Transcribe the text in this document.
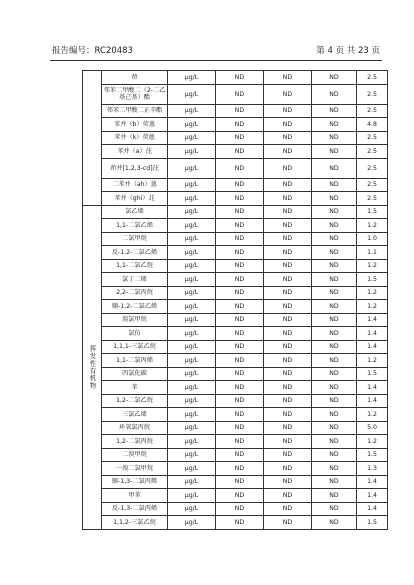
报告编号：RC20483	第 4 页 共 23 页
	茚	μg/L	ND	ND	ND	2.5
	邻苯二甲酸二（2-二乙基己基）酯	μg/L	ND	ND	ND	2.5
	邻苯二甲酸二正辛酯	μg/L	ND	ND	ND	2.5
	苯并（b）荧蒽	μg/L	ND	ND	ND	4.8
	苯并（k）荧蒽	μg/L	ND	ND	ND	2.5
	苯并（a）芘	μg/L	ND	ND	ND	2.5
	茚并[1,2,3-cd]芘	μg/L	ND	ND	ND	2.5
	二苯并（ah）蒽	μg/L	ND	ND	ND	2.5
	苯并（ghi）苝	μg/L	ND	ND	ND	2.5
挥发性有机物	氯乙烯	μg/L	ND	ND	ND	1.5
	1,1-二氯乙烯	μg/L	ND	ND	ND	1.2
	二氯甲烷	μg/L	ND	ND	ND	1.0
	反-1,2-二氯乙烯	μg/L	ND	ND	ND	1.1
	1,1-二氯乙烷	μg/L	ND	ND	ND	1.2
	氯丁二烯	μg/L	ND	ND	ND	1.5
	2,2-二氯丙烷	μg/L	ND	ND	ND	1.2
	顺-1,2-二氯乙烯	μg/L	ND	ND	ND	1.2
	溴氯甲烷	μg/L	ND	ND	ND	1.4
	氯仿	μg/L	ND	ND	ND	1.4
	1,1,1-三氯乙烷	μg/L	ND	ND	ND	1.4
	1,1-二氯丙烯	μg/L	ND	ND	ND	1.2
	四氯化碳	μg/L	ND	ND	ND	1.5
	苯	μg/L	ND	ND	ND	1.4
	1,2-二氯乙烷	μg/L	ND	ND	ND	1.4
	三氯乙烯	μg/L	ND	ND	ND	1.2
	环氧氯丙烷	μg/L	ND	ND	ND	5.0
	1,2-二氯丙烷	μg/L	ND	ND	ND	1.2
	二溴甲烷	μg/L	ND	ND	ND	1.5
	一溴二氯甲烷	μg/L	ND	ND	ND	1.3
	顺-1,3-二氯丙烯	μg/L	ND	ND	ND	1.4
	甲苯	μg/L	ND	ND	ND	1.4
	反-1,3-二氯丙烯	μg/L	ND	ND	ND	1.4
	1,1,2-三氯乙烷	μg/L	ND	ND	ND	1.5
